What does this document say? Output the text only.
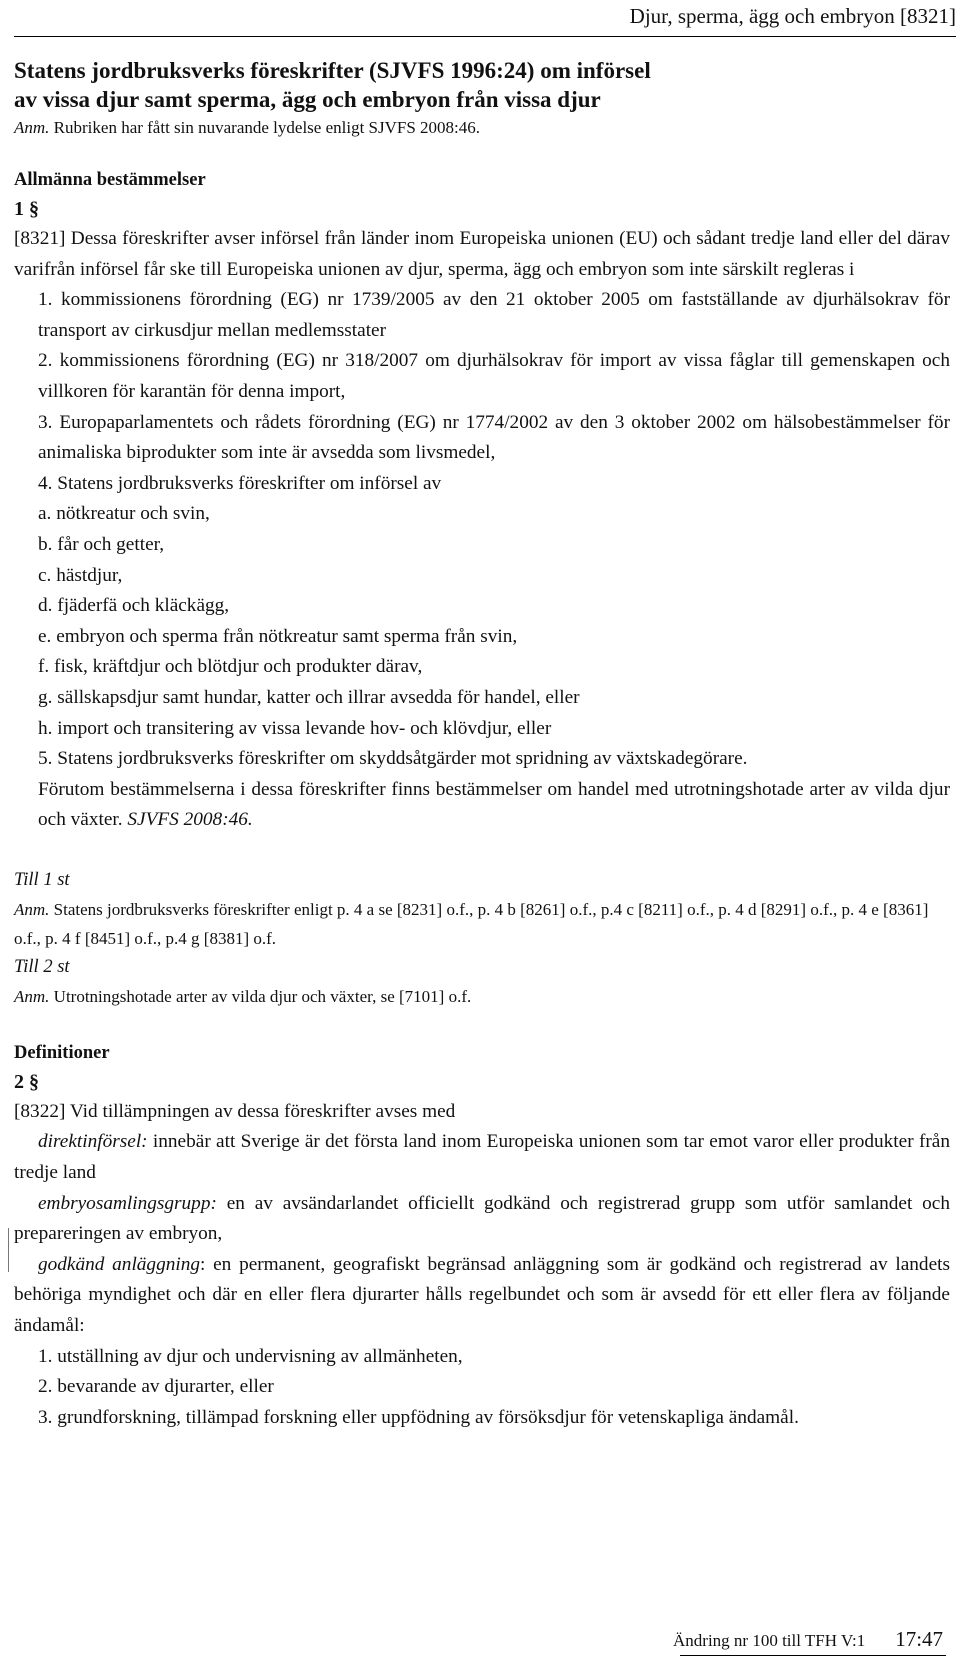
Djur, sperma, ägg och embryon [8321]

Statens jordbruksverks föreskrifter (SJVFS 1996:24) om införsel

av vissa djur samt sperma, ägg och embryon från vissa djur

Anm. Rubriken har fått sin nuvarande lydelse enligt SJVFS 2008:46.

Allmänna bestämmelser

1 §

[8321] Dessa föreskrifter avser införsel från länder inom Europeiska unionen (EU) och sådant tredje land eller del därav varifrån införsel får ske till Europeiska unionen av djur, sperma, ägg och embryon som inte särskilt regleras i

1. kommissionens förordning (EG) nr 1739/2005 av den 21 oktober 2005 om fastställande av djurhälsokrav för transport av cirkusdjur mellan medlemsstater

2. kommissionens förordning (EG) nr 318/2007 om djurhälsokrav för import av vissa fåglar till gemenskapen och villkoren för karantän för denna import,

3. Europaparlamentets och rådets förordning (EG) nr 1774/2002 av den 3 oktober 2002 om hälsobestämmelser för animaliska biprodukter som inte är avsedda som livsmedel,

4. Statens jordbruksverks föreskrifter om införsel av

a. nötkreatur och svin,

b. får och getter,

c. hästdjur,

d. fjäderfä och kläckägg,

e. embryon och sperma från nötkreatur samt sperma från svin,

f. fisk, kräftdjur och blötdjur och produkter därav,

g. sällskapsdjur samt hundar, katter och illrar avsedda för handel, eller

h. import och transitering av vissa levande hov- och klövdjur, eller

5. Statens jordbruksverks föreskrifter om skyddsåtgärder mot spridning av växtskadegörare.

Förutom bestämmelserna i dessa föreskrifter finns bestämmelser om handel med utrotningshotade arter av vilda djur och växter. SJVFS 2008:46.

Till 1 st

Anm. Statens jordbruksverks föreskrifter enligt p. 4 a se [8231] o.f., p. 4 b [8261] o.f., p.4 c [8211] o.f., p. 4 d [8291] o.f., p. 4 e [8361] o.f., p. 4 f [8451] o.f., p.4 g [8381] o.f.

Till 2 st

Anm. Utrotningshotade arter av vilda djur och växter, se [7101] o.f.

Definitioner

2 §

[8322] Vid tillämpningen av dessa föreskrifter avses med

direktinförsel: innebär att Sverige är det första land inom Europeiska unionen som tar emot varor eller produkter från tredje land

embryosamlingsgrupp: en av avsändarlandet officiellt godkänd och registrerad grupp som utför samlandet och prepareringen av embryon,

godkänd anläggning: en permanent, geografiskt begränsad anläggning som är godkänd och registrerad av landets behöriga myndighet och där en eller flera djurarter hålls regelbundet och som är avsedd för ett eller flera av följande ändamål:

1. utställning av djur och undervisning av allmänheten,

2. bevarande av djurarter, eller

3. grundforskning, tillämpad forskning eller uppfödning av försöksdjur för vetenskapliga ändamål.

Ändring nr 100 till TFH V:1 17:47
